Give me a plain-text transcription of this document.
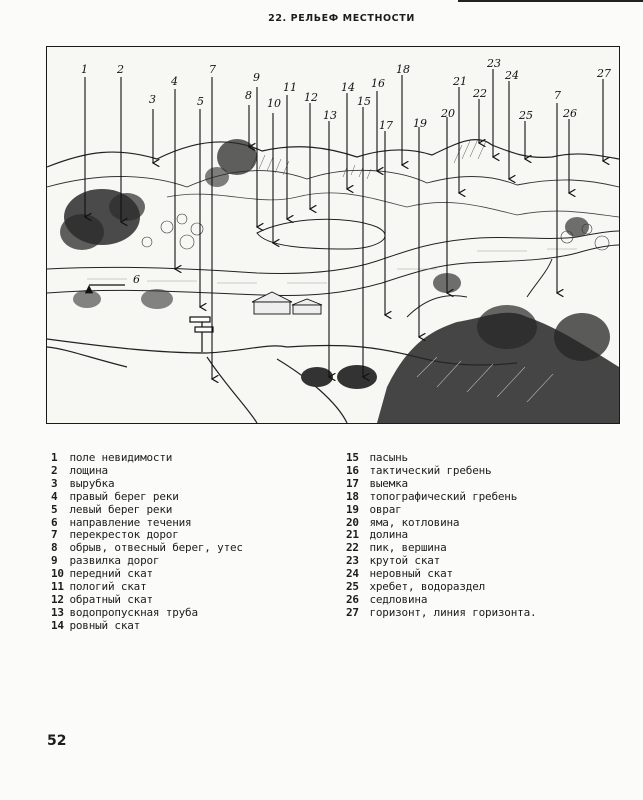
22. РЕЛЬЕФ МЕСТНОСТИ
1	2
3
4
5
6
7
8
9
10
11
12
13
14
15
16
17
18
19
20
21
22
23
24
25
7
26
27
1 поле невидимости
2 лощина
3 вырубка
4 правый берег реки
5 левый берег реки
6 направление течения
7 перекресток дорог
8 обрыв, отвесный берег, утес
9 развилка дорог
10 передний скат
11 пологий скат
12 обратный скат
13 водопропускная труба
14 ровный скат
15 пасынь
16 тактический гребень
17 выемка
18 топографический гребень
19 овраг
20 яма, котловина
21 долина
22 пик, вершина
23 крутой скат
24 неровный скат
25 хребет, водораздел
26 седловина
27 горизонт, линия горизонта.
52
